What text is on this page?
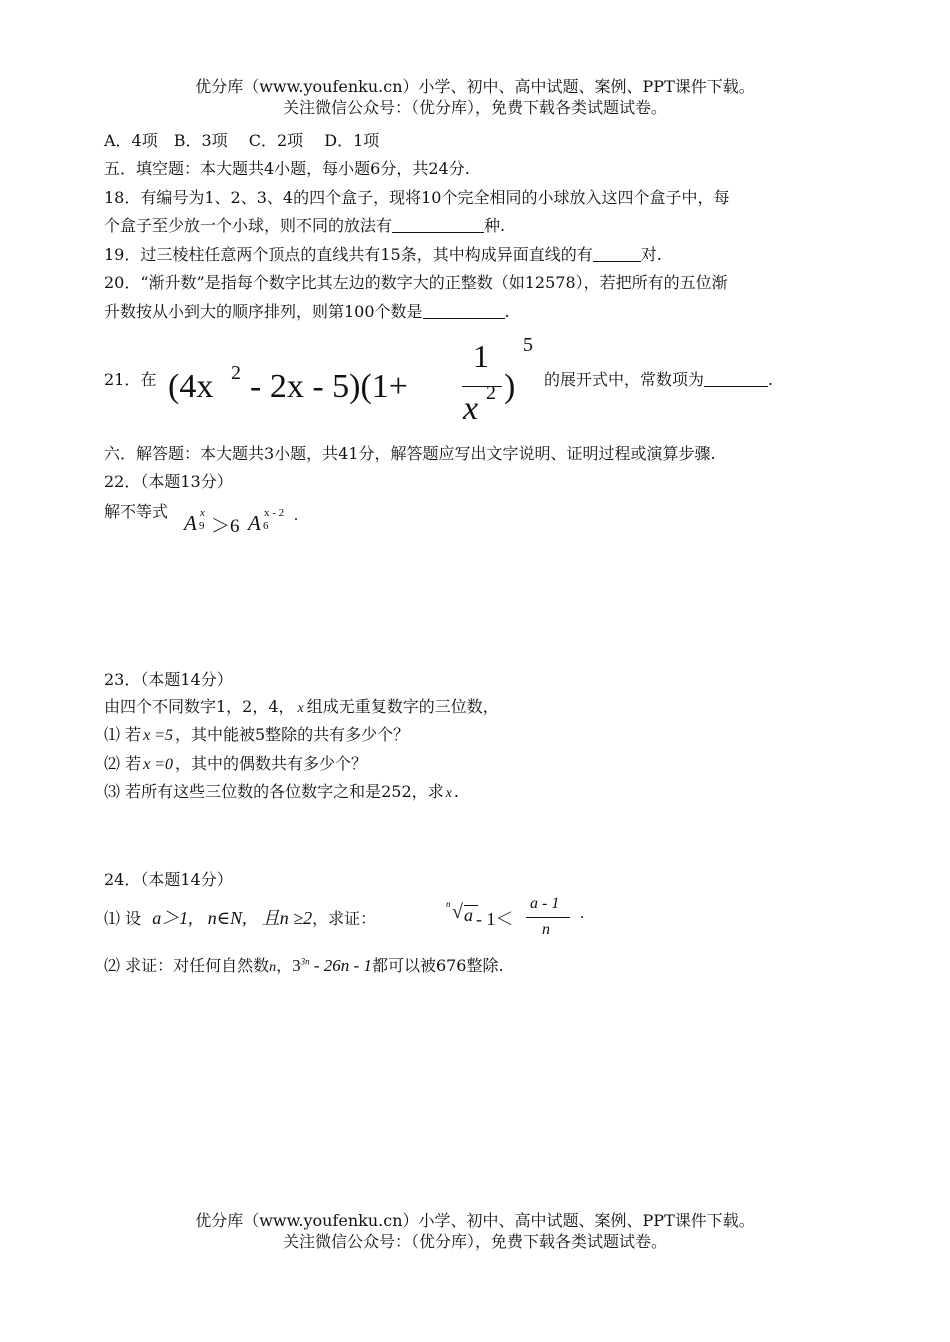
优分库（www.youfenku.cn）小学、初中、高中试题、案例、PPT课件下载。
关注微信公众号：（优分库），免费下载各类试题试卷。
A．4项　B．3项　 C．2项　 D．1项
五．填空题：本大题共4小题，每小题6分，共24分.
18．有编号为1、2、3、4的四个盒子，现将10个完全相同的小球放入这四个盒子中，每
个盒子至少放一个小球，则不同的放法有	种.
19．过三棱柱任意两个顶点的直线共有15条，其中构成异面直线的有	对.
20．“渐升数”是指每个数字比其左边的数字大的正整数（如12578），若把所有的五位渐
升数按从小到大的顺序排列，则第100个数是	.
21．在 (4x 2 - 2x - 5)(1+
1
x 2 )
5
的展开式中，常数项为	.
六．解答题：本大题共3小题，共41分，解答题应写出文字说明、证明过程或演算步骤.
22．（本题13分）
解不等式 A 9
x
＞6 A 6
x - 2 .
23．（本题14分）
由四个不同数字1，2，4， x 组成无重复数字的三位数，
⑴ 若 x =5 ，其中能被5整除的共有多少个？
⑵ 若 x =0 ，其中的偶数共有多少个？
⑶ 若所有这些三位数的各位数字之和是252，求 x .
24．（本题14分）
⑴ 设 a＞1, n∈N, 且n ≥2，求证：
n √ a - 1＜
a - 1
n
.
⑵ 求证：对任何自然数n，$3^{3n} - 26n - 1$都可以被676整除.
优分库（www.youfenku.cn）小学、初中、高中试题、案例、PPT课件下载。
关注微信公众号：（优分库），免费下载各类试题试卷。
